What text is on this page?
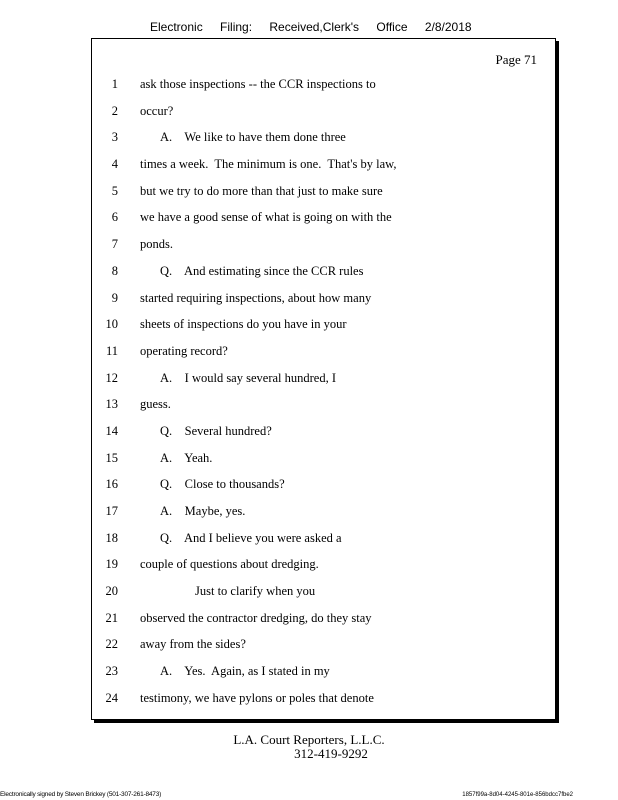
Electronic Filing: Received,Clerk's Office 2/8/2018
Page 71
1 ask those inspections -- the CCR inspections to
2 occur?
3	A.    We like to have them done three
4 times a week.  The minimum is one.  That's by law,
5 but we try to do more than that just to make sure
6 we have a good sense of what is going on with the
7 ponds.
8	Q.    And estimating since the CCR rules
9 started requiring inspections, about how many
10 sheets of inspections do you have in your
11 operating record?
12	A.    I would say several hundred, I
13 guess.
14	Q.    Several hundred?
15	A.    Yeah.
16	Q.    Close to thousands?
17	A.    Maybe, yes.
18	Q.    And I believe you were asked a
19 couple of questions about dredging.
20	Just to clarify when you
21 observed the contractor dredging, do they stay
22 away from the sides?
23	A.    Yes.  Again, as I stated in my
24 testimony, we have pylons or poles that denote
L.A. Court Reporters, L.L.C.
312-419-9292
Electronically signed by Steven Brickey (501-307-261-8473)	1857f99a-8d04-4245-801e-856bdcc7fbe2
